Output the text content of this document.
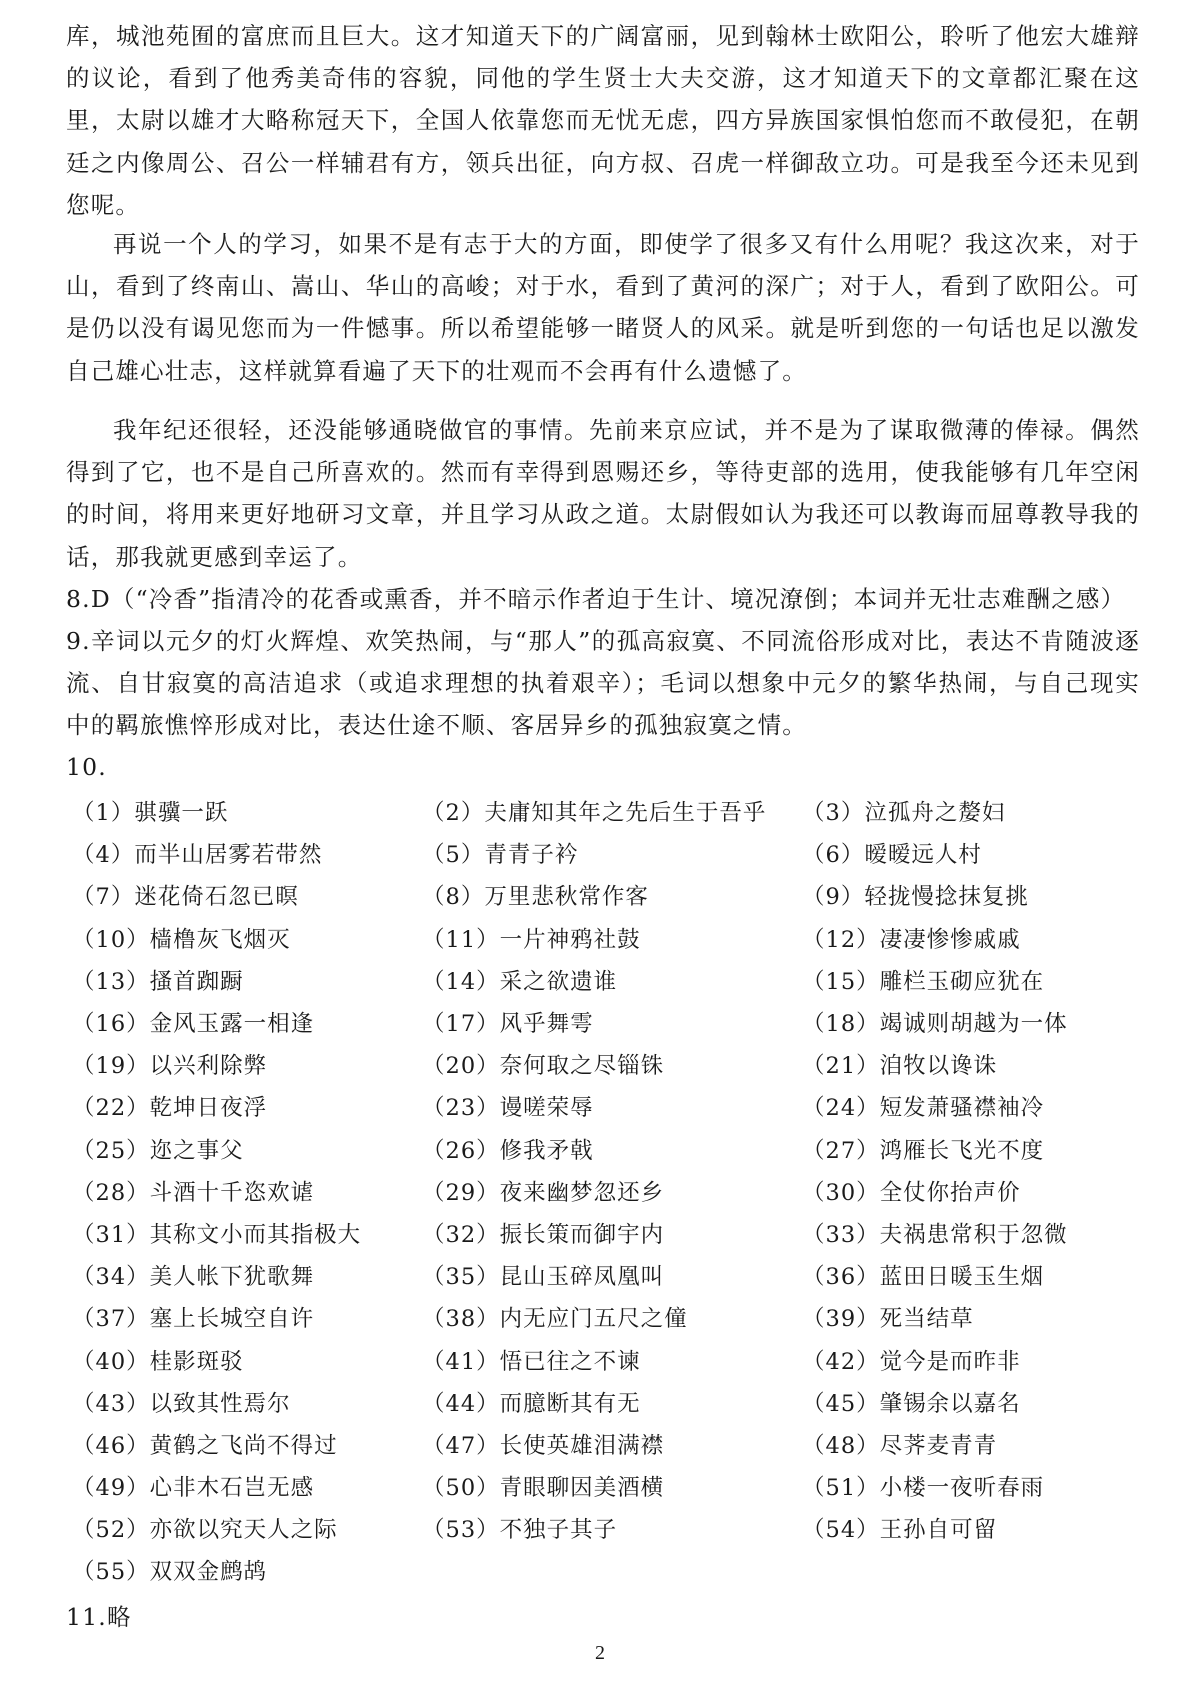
库，城池苑囿的富庶而且巨大。这才知道天下的广阔富丽，见到翰林士欧阳公，聆听了他宏大雄辩的议论，看到了他秀美奇伟的容貌，同他的学生贤士大夫交游，这才知道天下的文章都汇聚在这里，太尉以雄才大略称冠天下，全国人依靠您而无忧无虑，四方异族国家惧怕您而不敢侵犯，在朝廷之内像周公、召公一样辅君有方，领兵出征，向方叔、召虎一样御敌立功。可是我至今还未见到您呢。

再说一个人的学习，如果不是有志于大的方面，即使学了很多又有什么用呢？我这次来，对于山，看到了终南山、嵩山、华山的高峻；对于水，看到了黄河的深广；对于人，看到了欧阳公。可是仍以没有谒见您而为一件憾事。所以希望能够一睹贤人的风采。就是听到您的一句话也足以激发自己雄心壮志，这样就算看遍了天下的壮观而不会再有什么遗憾了。

我年纪还很轻，还没能够通晓做官的事情。先前来京应试，并不是为了谋取微薄的俸禄。偶然得到了它，也不是自己所喜欢的。然而有幸得到恩赐还乡，等待吏部的选用，使我能够有几年空闲的时间，将用来更好地研习文章，并且学习从政之道。太尉假如认为我还可以教诲而屈尊教导我的话，那我就更感到幸运了。

8.D（“冷香”指清冷的花香或熏香，并不暗示作者迫于生计、境况潦倒；本词并无壮志难酬之感）

9.辛词以元夕的灯火辉煌、欢笑热闹，与“那人”的孤高寂寞、不同流俗形成对比，表达不肯随波逐流、自甘寂寞的高洁追求（或追求理想的执着艰辛）；毛词以想象中元夕的繁华热闹，与自己现实中的羁旅憔悴形成对比，表达仕途不顺、客居异乡的孤独寂寞之情。

10.

（1）骐骥一跃	（2）夫庸知其年之先后生于吾乎	（3）泣孤舟之嫠妇
（4）而半山居雾若带然	（5）青青子衿	（6）暧暧远人村
（7）迷花倚石忽已暝	（8）万里悲秋常作客	（9）轻拢慢捻抹复挑
（10）樯橹灰飞烟灭	（11）一片神鸦社鼓	（12）凄凄惨惨戚戚
（13）搔首踟蹰	（14）采之欲遗谁	（15）雕栏玉砌应犹在
（16）金风玉露一相逢	（17）风乎舞雩	（18）竭诚则胡越为一体
（19）以兴利除弊	（20）奈何取之尽锱铢	（21）洎牧以谗诛
（22）乾坤日夜浮	（23）谩嗟荣辱	（24）短发萧骚襟袖冷
（25）迩之事父	（26）修我矛戟	（27）鸿雁长飞光不度
（28）斗酒十千恣欢谑	（29）夜来幽梦忽还乡	（30）全仗你抬声价
（31）其称文小而其指极大	（32）振长策而御宇内	（33）夫祸患常积于忽微
（34）美人帐下犹歌舞	（35）昆山玉碎凤凰叫	（36）蓝田日暖玉生烟
（37）塞上长城空自许	（38）内无应门五尺之僮	（39）死当结草
（40）桂影斑驳	（41）悟已往之不谏	（42）觉今是而昨非
（43）以致其性焉尔	（44）而臆断其有无	（45）肇锡余以嘉名
（46）黄鹤之飞尚不得过	（47）长使英雄泪满襟	（48）尽荠麦青青
（49）心非木石岂无感	（50）青眼聊因美酒横	（51）小楼一夜听春雨
（52）亦欲以究天人之际	（53）不独子其子	（54）王孙自可留
（55）双双金鹧鸪

11.略

2
